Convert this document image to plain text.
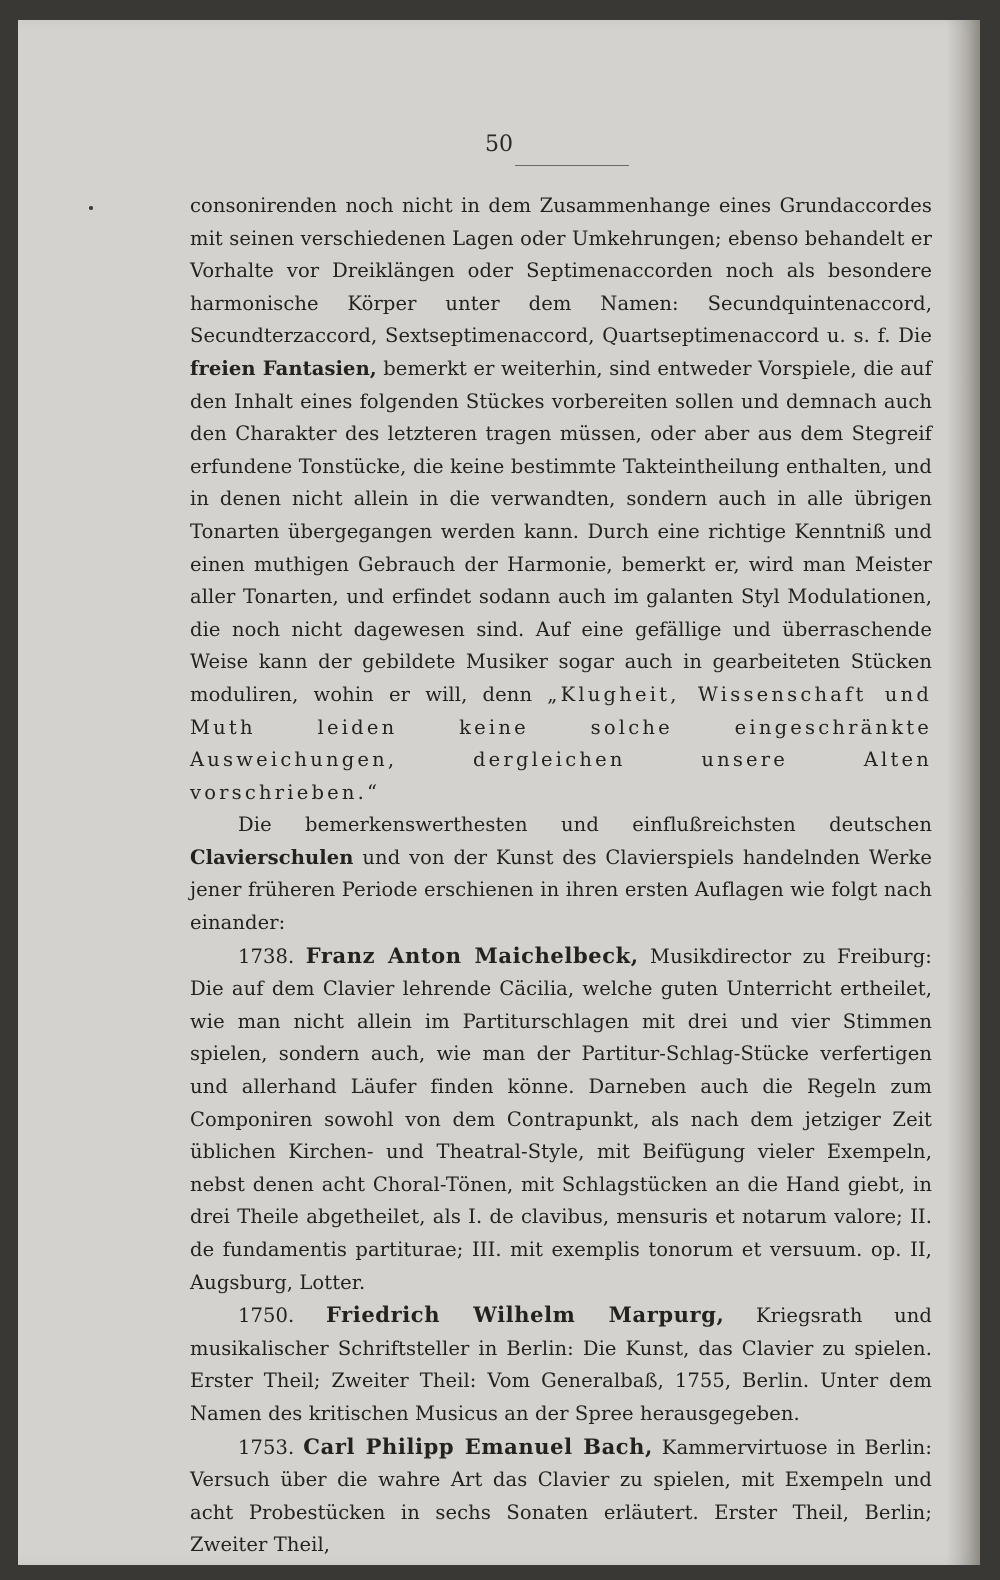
50

consonirenden noch nicht in dem Zusammenhange eines Grundaccordes mit seinen verschiedenen Lagen oder Umkehrungen; ebenso behandelt er Vorhalte vor Dreiklängen oder Septimenaccorden noch als besondere harmonische Körper unter dem Namen: Secundquintenaccord, Secundterzaccord, Sextseptimenaccord, Quartseptimenaccord u. s. f. Die freien Fantasien, bemerkt er weiterhin, sind entweder Vorspiele, die auf den Inhalt eines folgenden Stückes vorbereiten sollen und demnach auch den Charakter des letzteren tragen müssen, oder aber aus dem Stegreif erfundene Tonstücke, die keine bestimmte Takteintheilung enthalten, und in denen nicht allein in die verwandten, sondern auch in alle übrigen Tonarten übergegangen werden kann. Durch eine richtige Kenntniß und einen muthigen Gebrauch der Harmonie, bemerkt er, wird man Meister aller Tonarten, und erfindet sodann auch im galanten Styl Modulationen, die noch nicht dagewesen sind. Auf eine gefällige und überraschende Weise kann der gebildete Musiker sogar auch in gearbeiteten Stücken moduliren, wohin er will, denn „Klugheit, Wissenschaft und Muth leiden keine solche eingeschränkte Ausweichungen, dergleichen unsere Alten vorschrieben.“

Die bemerkenswerthesten und einflußreichsten deutschen Clavierschulen und von der Kunst des Clavierspiels handelnden Werke jener früheren Periode erschienen in ihren ersten Auflagen wie folgt nach einander:

1738. Franz Anton Maichelbeck, Musikdirector zu Freiburg: Die auf dem Clavier lehrende Cäcilia, welche guten Unterricht ertheilet, wie man nicht allein im Partiturschlagen mit drei und vier Stimmen spielen, sondern auch, wie man der Partitur-Schlag-Stücke verfertigen und allerhand Läufer finden könne. Darneben auch die Regeln zum Componiren sowohl von dem Contrapunkt, als nach dem jetziger Zeit üblichen Kirchen- und Theatral-Style, mit Beifügung vieler Exempeln, nebst denen acht Choral-Tönen, mit Schlagstücken an die Hand giebt, in drei Theile abgetheilet, als I. de clavibus, mensuris et notarum valore; II. de fundamentis partiturae; III. mit exemplis tonorum et versuum. op. II, Augsburg, Lotter.

1750. Friedrich Wilhelm Marpurg, Kriegsrath und musikalischer Schriftsteller in Berlin: Die Kunst, das Clavier zu spielen. Erster Theil; Zweiter Theil: Vom Generalbaß, 1755, Berlin. Unter dem Namen des kritischen Musicus an der Spree herausgegeben.

1753. Carl Philipp Emanuel Bach, Kammervirtuose in Berlin: Versuch über die wahre Art das Clavier zu spielen, mit Exempeln und acht Probestücken in sechs Sonaten erläutert. Erster Theil, Berlin; Zweiter Theil,
